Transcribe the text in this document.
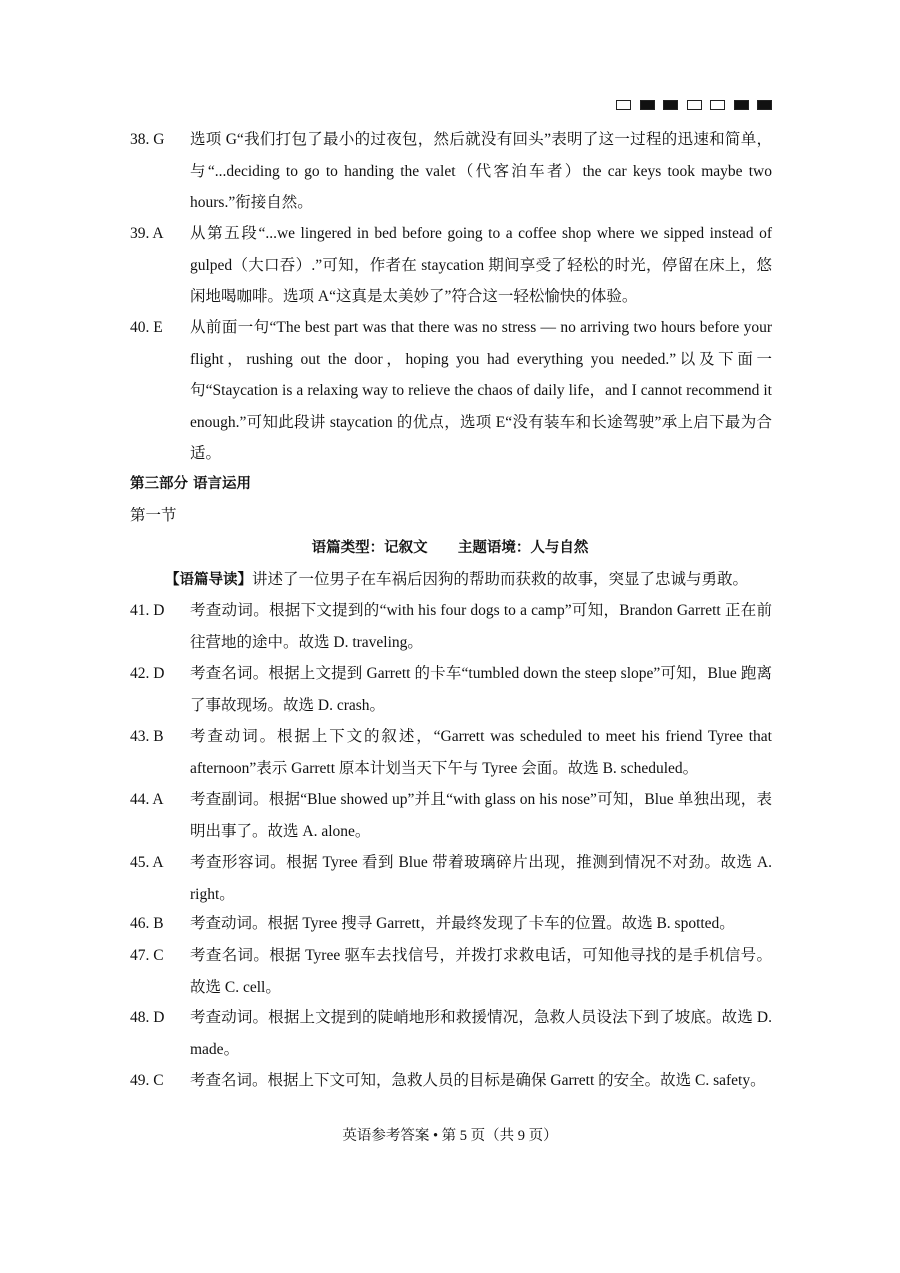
38. G 选项 G“我们打包了最小的过夜包，然后就没有回头”表明了这一过程的迅速和简单，与“...deciding to go to handing the valet（代客泊车者）the car keys took maybe two hours.”衔接自然。
39. A 从第五段“...we lingered in bed before going to a coffee shop where we sipped instead of gulped（大口吞）.”可知，作者在 staycation 期间享受了轻松的时光，停留在床上，悠闲地喝咖啡。选项 A“这真是太美妙了”符合这一轻松愉快的体验。
40. E 从前面一句“The best part was that there was no stress — no arriving two hours before your flight，rushing out the door，hoping you had everything you needed.”以及下面一句“Staycation is a relaxing way to relieve the chaos of daily life，and I cannot recommend it enough.”可知此段讲 staycation 的优点，选项 E“没有装车和长途驾驶”承上启下最为合适。
第三部分 语言运用
第一节
语篇类型：记叙文      主题语境：人与自然
【语篇导读】讲述了一位男子在车祸后因狗的帮助而获救的故事，突显了忠诚与勇敢。
41. D 考查动词。根据下文提到的“with his four dogs to a camp”可知，Brandon Garrett 正在前往营地的途中。故选 D. traveling。
42. D 考查名词。根据上文提到 Garrett 的卡车“tumbled down the steep slope”可知，Blue 跑离了事故现场。故选 D. crash。
43. B 考查动词。根据上下文的叙述，“Garrett was scheduled to meet his friend Tyree that afternoon”表示 Garrett 原本计划当天下午与 Tyree 会面。故选 B. scheduled。
44. A 考查副词。根据“Blue showed up”并且“with glass on his nose”可知，Blue 单独出现，表明出事了。故选 A. alone。
45. A 考查形容词。根据 Tyree 看到 Blue 带着玻璃碎片出现，推测到情况不对劲。故选 A. right。
46. B 考查动词。根据 Tyree 搜寻 Garrett，并最终发现了卡车的位置。故选 B. spotted。
47. C 考查名词。根据 Tyree 驱车去找信号，并拨打求救电话，可知他寻找的是手机信号。故选 C. cell。
48. D 考查动词。根据上文提到的陡峭地形和救援情况，急救人员设法下到了坡底。故选 D. made。
49. C 考查名词。根据上下文可知，急救人员的目标是确保 Garrett 的安全。故选 C. safety。
英语参考答案 • 第 5 页（共 9 页）
